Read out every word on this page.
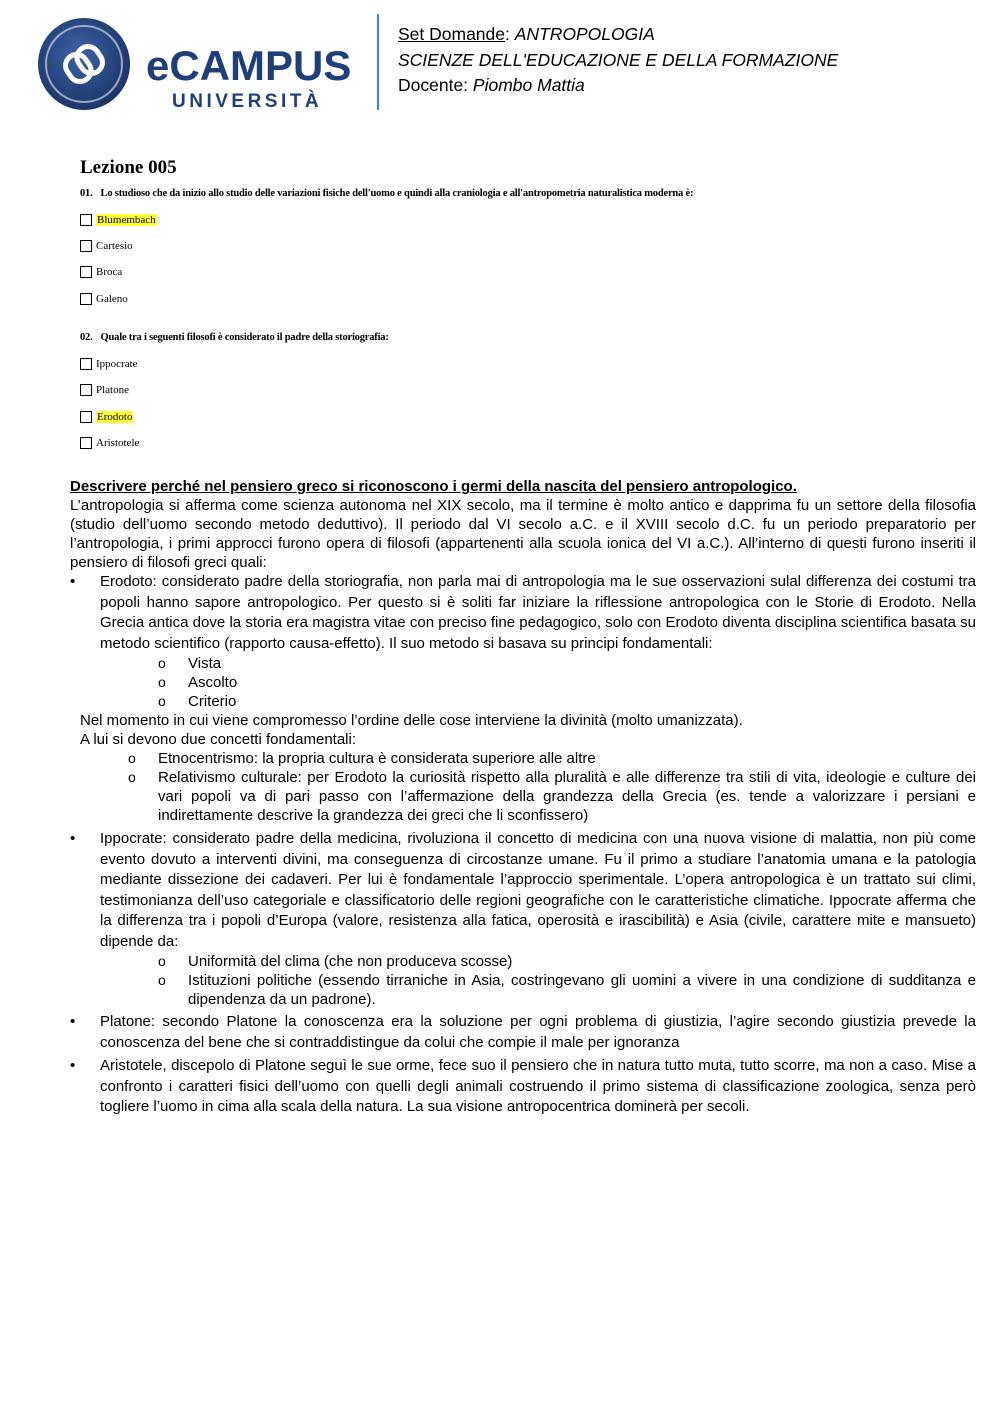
eCAMPUS
UNIVERSITÀ
Set Domande: ANTROPOLOGIA
SCIENZE DELL'EDUCAZIONE E DELLA FORMAZIONE
Docente: Piombo Mattia
Lezione 005
01. Lo studioso che da inizio allo studio delle variazioni fisiche dell'uomo e quindi alla craniologia e all'antropometria naturalistica moderna è:
Blumembach
Cartesio
Broca
Galeno
02. Quale tra i seguenti filosofi è considerato il padre della storiografia:
Ippocrate
Platone
Erodoto
Aristotele
Descrivere perché nel pensiero greco si riconoscono i germi della nascita del pensiero antropologico.

L’antropologia si afferma come scienza autonoma nel XIX secolo, ma il termine è molto antico e dapprima fu un settore della filosofia (studio dell’uomo secondo metodo deduttivo). Il periodo dal VI secolo a.C. e il XVIII secolo d.C. fu un periodo preparatorio per l’antropologia, i primi approcci furono opera di filosofi (appartenenti alla scuola ionica del VI a.C.). All’interno di questi furono inseriti il pensiero di filosofi greci quali:

• Erodoto: considerato padre della storiografia, non parla mai di antropologia ma le sue osservazioni sulal differenza dei costumi tra popoli hanno sapore antropologico. Per questo si è soliti far iniziare la riflessione antropologica con le Storie di Erodoto. Nella Grecia antica dove la storia era magistra vitae con preciso fine pedagogico, solo con Erodoto diventa disciplina scientifica basata su metodo scientifico (rapporto causa-effetto). Il suo metodo si basava su principi fondamentali:
o Vista
o Ascolto
o Criterio
Nel momento in cui viene compromesso l’ordine delle cose interviene la divinità (molto umanizzata).
A lui si devono due concetti fondamentali:
o Etnocentrismo: la propria cultura è considerata superiore alle altre
o Relativismo culturale: per Erodoto la curiosità rispetto alla pluralità e alle differenze tra stili di vita, ideologie e culture dei vari popoli va di pari passo con l’affermazione della grandezza della Grecia (es. tende a valorizzare i persiani e indirettamente descrive la grandezza dei greci che li sconfissero)
• Ippocrate: considerato padre della medicina, rivoluziona il concetto di medicina con una nuova visione di malattia, non più come evento dovuto a interventi divini, ma conseguenza di circostanze umane. Fu il primo a studiare l’anatomia umana e la patologia mediante dissezione dei cadaveri. Per lui è fondamentale l’approccio sperimentale. L’opera antropologica è un trattato sui climi, testimonianza dell’uso categoriale e classificatorio delle regioni geografiche con le caratteristiche climatiche. Ippocrate afferma che la differenza tra i popoli d’Europa (valore, resistenza alla fatica, operosità e irascibilità) e Asia (civile, carattere mite e mansueto) dipende da:
o Uniformità del clima (che non produceva scosse)
o Istituzioni politiche (essendo tirraniche in Asia, costringevano gli uomini a vivere in una condizione di sudditanza e dipendenza da un padrone).
• Platone: secondo Platone la conoscenza era la soluzione per ogni problema di giustizia, l’agire secondo giustizia prevede la conoscenza del bene che si contraddistingue da colui che compie il male per ignoranza
• Aristotele, discepolo di Platone seguì le sue orme, fece suo il pensiero che in natura tutto muta, tutto scorre, ma non a caso. Mise a confronto i caratteri fisici dell’uomo con quelli degli animali costruendo il primo sistema di classificazione zoologica, senza però togliere l’uomo in cima alla scala della natura. La sua visione antropocentrica dominerà per secoli.
